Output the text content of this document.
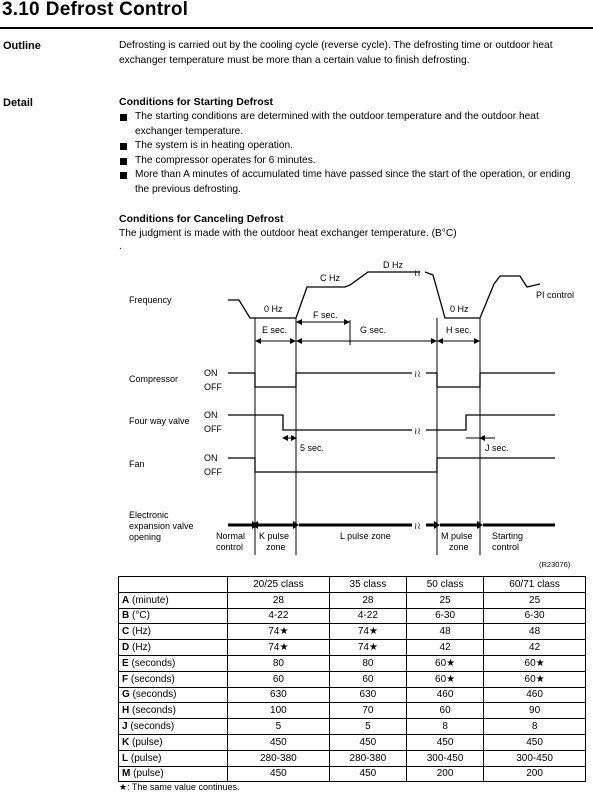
3.10 Defrost Control
Outline	Defrosting is carried out by the cooling cycle (reverse cycle). The defrosting time or outdoor heat exchanger temperature must be more than a certain value to finish defrosting.
Detail	Conditions for Starting Defrost
The starting conditions are determined with the outdoor temperature and the outdoor heat exchanger temperature.
The system is in heating operation.
The compressor operates for 6 minutes.
More than A minutes of accumulated time have passed since the start of the operation, or ending the previous defrosting.
Conditions for Canceling Defrost
The judgment is made with the outdoor heat exchanger temperature. (B°C)
.
Frequency
Compressor
Four way valve
Fan
Electronic
expansion valve
opening
ON
OFF
ON
OFF
ON
OFF
≀≀
≀≀
≀≀
≀≀
0 Hz
C Hz
D Hz
0 Hz
PI control
E sec.
F sec.
G sec.	H sec.
5 sec.	J sec.
Normal
control
K pulse
zone
L pulse zone	M pulse
zone
Starting
control
(R23076)
	20/25 class	35 class	50 class	60/71 class
A (minute)	28	28	25	25
B (°C)	4-22	4-22	6-30	6-30
C (Hz)	74★	74★	48	48
D (Hz)	74★	74★	42	42
E (seconds)	80	80	60★	60★
F (seconds)	60	60	60★	60★
G (seconds)	630	630	460	460
H (seconds)	100	70	60	90
J (seconds)	5	5	8	8
K (pulse)	450	450	450	450
L (pulse)	280-380	280-380	300-450	300-450
M (pulse)	450	450	200	200
★: The same value continues.
